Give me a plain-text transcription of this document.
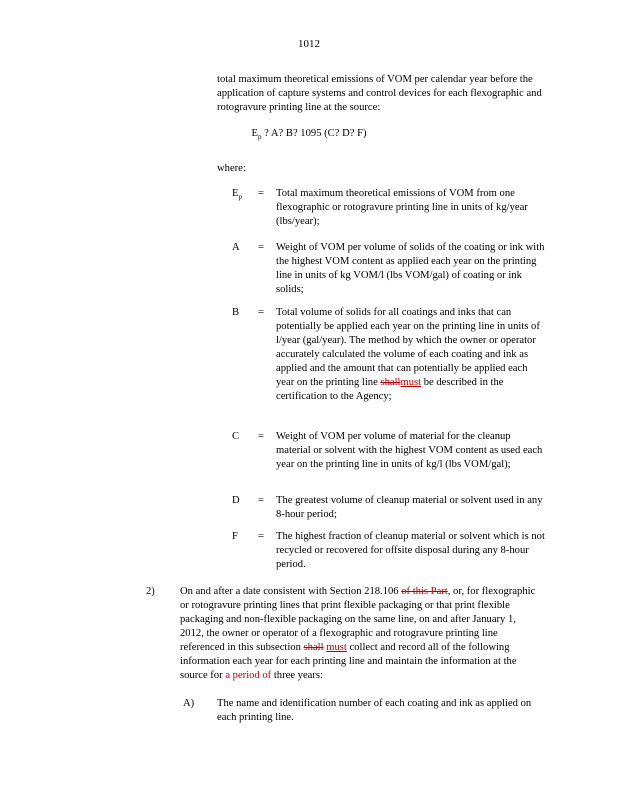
1012
total maximum theoretical emissions of VOM per calendar year before the application of capture systems and control devices for each flexographic and rotogravure printing line at the source:
$E_p$ ? A? B? 1095 (C? D? F)
where:
$E_p$	= Total maximum theoretical emissions of VOM from one flexographic or rotogravure printing line in units of kg/year (lbs/year);
A	= Weight of VOM per volume of solids of the coating or ink with the highest VOM content as applied each year on the printing line in units of kg VOM/l (lbs VOM/gal) of coating or ink solids;
B	= Total volume of solids for all coatings and inks that can potentially be applied each year on the printing line in units of l/year (gal/year). The method by which the owner or operator accurately calculated the volume of each coating and ink as applied and the amount that can potentially be applied each year on the printing line shallmust be described in the certification to the Agency;
C	= Weight of VOM per volume of material for the cleanup material or solvent with the highest VOM content as used each year on the printing line in units of kg/l (lbs VOM/gal);
D	= The greatest volume of cleanup material or solvent used in any 8-hour period;
F	= The highest fraction of cleanup material or solvent which is not recycled or recovered for offsite disposal during any 8-hour period.
2) On and after a date consistent with Section 218.106 of this Part, or, for flexographic or rotogravure printing lines that print flexible packaging or that print flexible packaging and non-flexible packaging on the same line, on and after January 1, 2012, the owner or operator of a flexographic and rotogravure printing line referenced in this subsection shall must collect and record all of the following information each year for each printing line and maintain the information at the source for a period of three years:
A) The name and identification number of each coating and ink as applied on each printing line.
